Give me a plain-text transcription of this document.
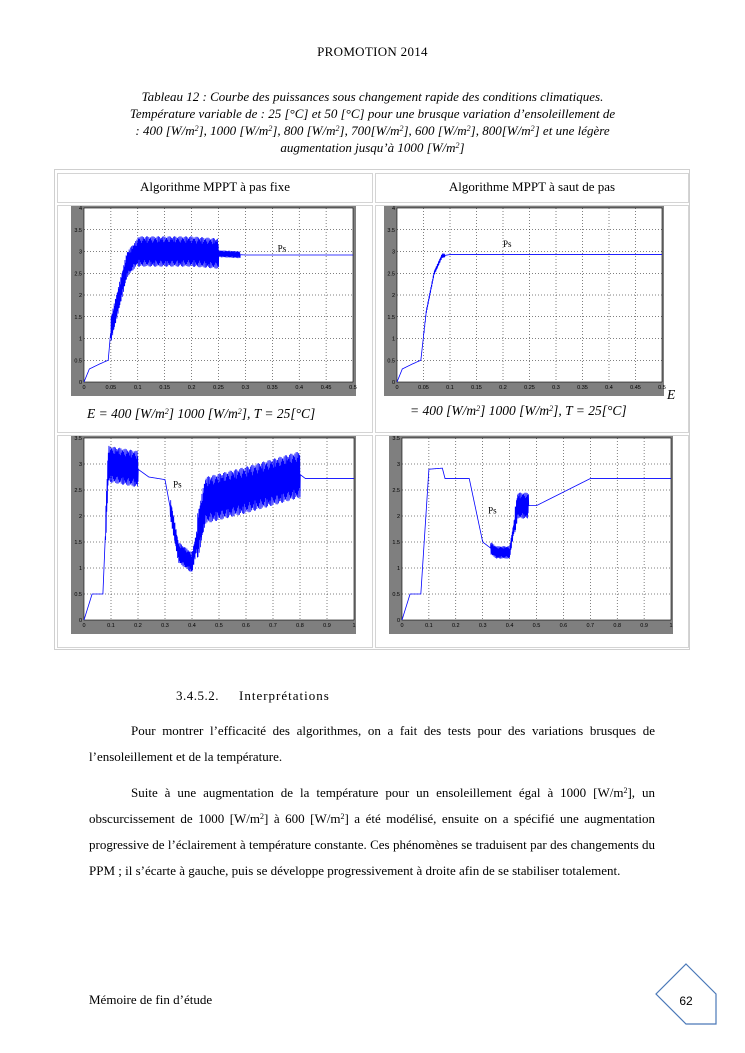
PROMOTION 2014
Tableau 12 : Courbe des puissances sous changement rapide des conditions climatiques.
Température variable de : 25 [°C] et 50 [°C] pour une brusque variation d’ensoleillement de
: 400 $[W/m^2]$, 1000 $[W/m^2]$, 800 $[W/m^2]$, $700[W/m^2]$, 600 $[W/m^2]$, $800[W/m^2]$ et une légère
augmentation jusqu’à 1000 $[W/m^2]$
Algorithme MPPT à pas fixe	Algorithme MPPT à saut de pas
0	0.05	0.1	0.15	0.2	0.25	0.3	0.35	0.4	0.45	0.5
0
0.5
1
1.5
2
2.5
3
3.5
4
Ps
0	0.05	0.1	0.15	0.2	0.25	0.3	0.35	0.4	0.45	0.5
0
0.5
1
1.5
2
2.5
3
3.5
4
Ps
0	0.1	0.2	0.3	0.4	0.5	0.6	0.7	0.8	0.9	1
0
0.5
1
1.5
2
2.5
3
3.5
Ps
0	0.1	0.2	0.3	0.4	0.5	0.6	0.7	0.8	0.9	1
0
0.5
1
1.5
2
2.5
3
3.5
Ps
E = 400 $[W/m^2]$ 1000 $[W/m^2]$, T = 25[°C]
E
= 400 $[W/m^2]$ 1000 $[W/m^2]$, T = 25[°C]
3.4.5.2. Interprétations
Pour montrer l’efficacité des algorithmes, on a fait des tests pour des variations brusques de l’ensoleillement et de la température.
Suite à une augmentation de la température pour un ensoleillement égal à 1000 $[W/m^2]$, un obscurcissement de 1000 $[W/m^2]$ à 600 $[W/m^2]$ a été modélisé, ensuite on a spécifié une augmentation progressive de l’éclairement à température constante. Ces phénomènes se traduisent par des changements du PPM ; il s’écarte à gauche, puis se développe progressivement à droite afin de se stabiliser totalement.
Mémoire de fin d’étude	62
